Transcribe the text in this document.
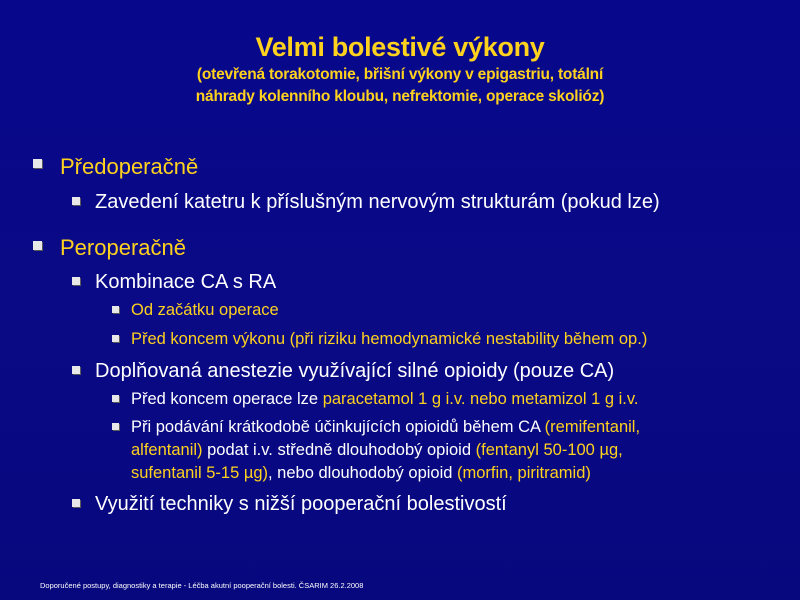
Velmi bolestivé výkony
(otevřená torakotomie, břišní výkony v epigastriu, totální
náhrady kolenního kloubu, nefrektomie, operace skolióz)
Předoperačně
Zavedení katetru k příslušným nervovým strukturám (pokud lze)
Peroperačně
Kombinace CA s RA
Od začátku operace
Před koncem výkonu (při riziku hemodynamické nestability během op.)
Doplňovaná anestezie využívající silné opioidy (pouze CA)
Před koncem operace lze paracetamol 1 g i.v. nebo metamizol 1 g i.v.
Při podávání krátkodobě účinkujících opioidů během CA (remifentanil,
alfentanil) podat i.v. středně dlouhodobý opioid (fentanyl 50-100 µg,
sufentanil 5-15 µg), nebo dlouhodobý opioid (morfin, piritramid)
Využití techniky s nižší pooperační bolestivostí
Doporučené postupy, diagnostiky a terapie - Léčba akutní pooperační bolesti. ČSARIM 26.2.2008
